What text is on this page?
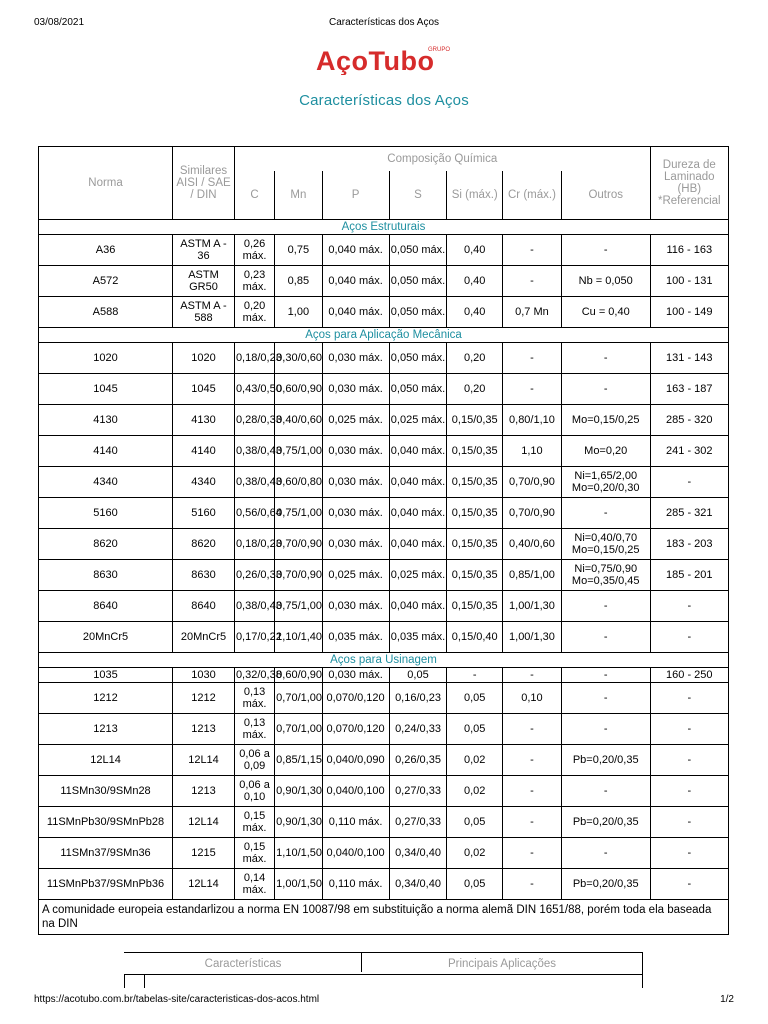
03/08/2021	Características dos Aços
AçoTubo
GRUPO
Características dos Aços
Norma	Similares AISI / SAE / DIN	Composição Química							Dureza de Laminado (HB) *Referencial
		C	Mn	P	S	Si (máx.)	Cr (máx.)	Outros	
Aços Estruturais									
A36	ASTM A - 36	0,26 máx.	0,75	0,040 máx.	0,050 máx.	0,40	-	-	116 - 163
A572	ASTM GR50	0,23 máx.	0,85	0,040 máx.	0,050 máx.	0,40	-	Nb = 0,050	100 - 131
A588	ASTM A - 588	0,20 máx.	1,00	0,040 máx.	0,050 máx.	0,40	0,7 Mn	Cu = 0,40	100 - 149
Aços para Aplicação Mecânica									
1020	1020	0,18/0,23	0,30/0,60	0,030 máx.	0,050 máx.	0,20	-	-	131 - 143
1045	1045	0,43/0,50	0,60/0,90	0,030 máx.	0,050 máx.	0,20	-	-	163 - 187
4130	4130	0,28/0,33	0,40/0,60	0,025 máx.	0,025 máx.	0,15/0,35	0,80/1,10	Mo=0,15/0,25	285 - 320
4140	4140	0,38/0,43	0,75/1,00	0,030 máx.	0,040 máx.	0,15/0,35	1,10	Mo=0,20	241 - 302
4340	4340	0,38/0,43	0,60/0,80	0,030 máx.	0,040 máx.	0,15/0,35	0,70/0,90	Ni=1,65/2,00 Mo=0,20/0,30	-
5160	5160	0,56/0,64	0,75/1,00	0,030 máx.	0,040 máx.	0,15/0,35	0,70/0,90	-	285 - 321
8620	8620	0,18/0,23	0,70/0,90	0,030 máx.	0,040 máx.	0,15/0,35	0,40/0,60	Ni=0,40/0,70 Mo=0,15/0,25	183 - 203
8630	8630	0,26/0,33	0,70/0,90	0,025 máx.	0,025 máx.	0,15/0,35	0,85/1,00	Ni=0,75/0,90 Mo=0,35/0,45	185 - 201
8640	8640	0,38/0,43	0,75/1,00	0,030 máx.	0,040 máx.	0,15/0,35	1,00/1,30	-	-
20MnCr5	20MnCr5	0,17/0,22	1,10/1,40	0,035 máx.	0,035 máx.	0,15/0,40	1,00/1,30	-	-
Aços para Usinagem									
1035	1030	0,32/0,38	0,60/0,90	0,030 máx.	0,05	-	-	-	160 - 250
1212	1212	0,13 máx.	0,70/1,00	0,070/0,120	0,16/0,23	0,05	0,10	-	-
1213	1213	0,13 máx.	0,70/1,00	0,070/0,120	0,24/0,33	0,05	-	-	-
12L14	12L14	0,06 a 0,09	0,85/1,15	0,040/0,090	0,26/0,35	0,02	-	Pb=0,20/0,35	-
11SMn30/9SMn28	1213	0,06 a 0,10	0,90/1,30	0,040/0,100	0,27/0,33	0,02	-	-	-
11SMnPb30/9SMnPb28	12L14	0,15 máx.	0,90/1,30	0,110 máx.	0,27/0,33	0,05	-	Pb=0,20/0,35	-
11SMn37/9SMn36	1215	0,15 máx.	1,10/1,50	0,040/0,100	0,34/0,40	0,02	-	-	-
11SMnPb37/9SMnPb36	12L14	0,14 máx.	1,00/1,50	0,110 máx.	0,34/0,40	0,05	-	Pb=0,20/0,35	-
A comunidade europeia estandarlizou a norma EN 10087/98 em substituição a norma alemã DIN 1651/88, porém toda ela baseada na DIN									
Características	Principais Aplicações
https://acotubo.com.br/tabelas-site/caracteristicas-dos-acos.html	1/2
